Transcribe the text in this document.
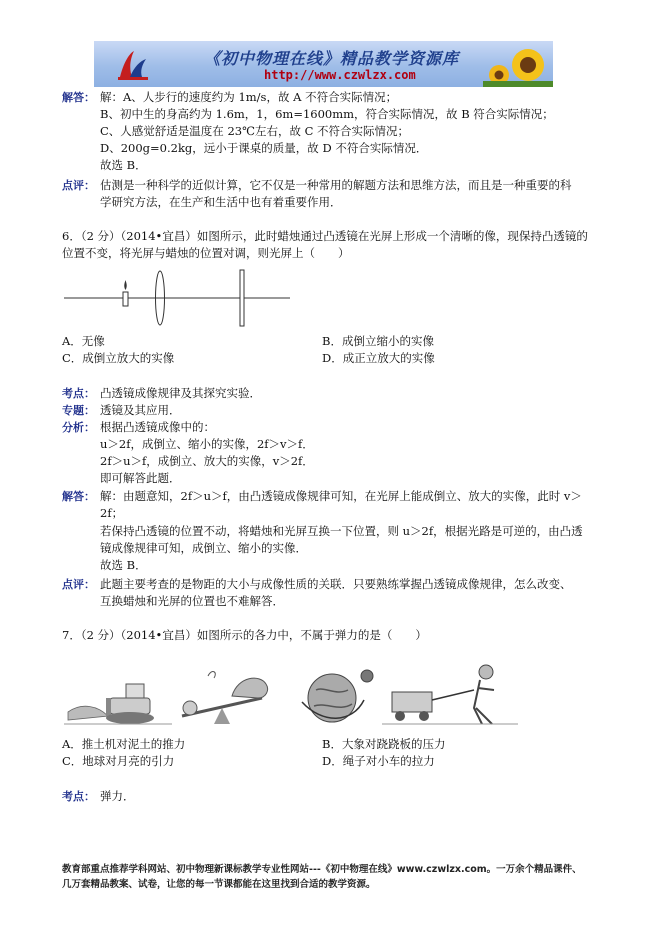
《初中物理在线》精品教学资源库
http://www.czwlzx.com
解答： 解：A、人步行的速度约为 1m/s，故 A 不符合实际情况；
B、初中生的身高约为 1.6m，1，6m=1600mm，符合实际情况，故 B 符合实际情况；
C、人感觉舒适是温度在 23℃左右，故 C 不符合实际情况；
D、200g=0.2kg，远小于课桌的质量，故 D 不符合实际情况．
故选 B．
点评： 估测是一种科学的近似计算，它不仅是一种常用的解题方法和思维方法，而且是一种重要的科
学研究方法，在生产和生活中也有着重要作用．
6．（2 分）（2014•宜昌）如图所示，此时蜡烛通过凸透镜在光屏上形成一个清晰的像，现保持凸透镜的
位置不变，将光屏与蜡烛的位置对调，则光屏上（　　）
A．无像	B．成倒立缩小的实像
C．成倒立放大的实像	D．成正立放大的实像
考点： 凸透镜成像规律及其探究实验．
专题： 透镜及其应用．
分析： 根据凸透镜成像中的：
u＞2f，成倒立、缩小的实像，2f＞v＞f．
2f＞u＞f，成倒立、放大的实像，v＞2f．
即可解答此题．
解答： 解：由题意知，2f＞u＞f，由凸透镜成像规律可知，在光屏上能成倒立、放大的实像，此时 v＞
2f；
若保持凸透镜的位置不动，将蜡烛和光屏互换一下位置，则 u＞2f，根据光路是可逆的，由凸透
镜成像规律可知，成倒立、缩小的实像．
故选 B．
点评： 此题主要考查的是物距的大小与成像性质的关联．只要熟练掌握凸透镜成像规律，怎么改变、
互换蜡烛和光屏的位置也不难解答．
7．（2 分）（2014•宜昌）如图所示的各力中，不属于弹力的是（　　）
A．推土机对泥土的推力	B．大象对跷跷板的压力
C．地球对月亮的引力	D．绳子对小车的拉力
考点： 弹力．
教育部重点推荐学科网站、初中物理新课标教学专业性网站---《初中物理在线》www.czwlzx.com。一万余个精品课件、
几万套精品教案、试卷，让您的每一节课都能在这里找到合适的教学资源。
